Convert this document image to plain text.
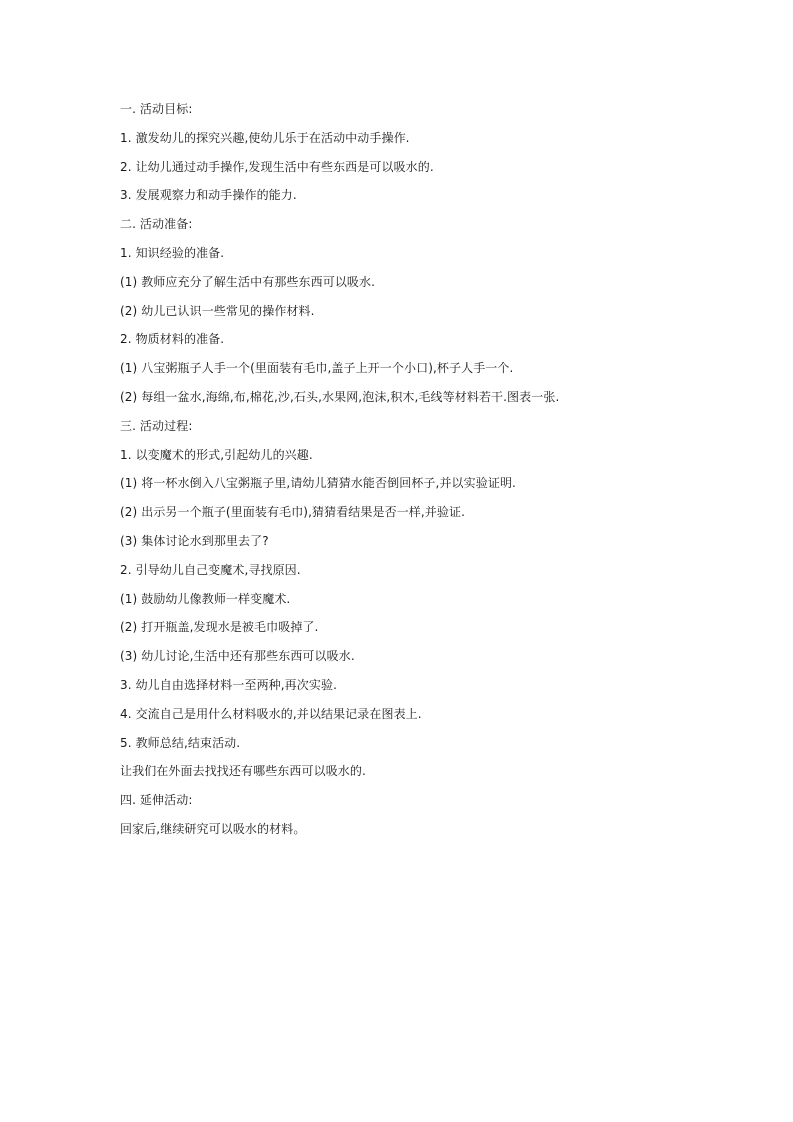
一. 活动目标:
1. 激发幼儿的探究兴趣,使幼儿乐于在活动中动手操作.
2. 让幼儿通过动手操作,发现生活中有些东西是可以吸水的.
3. 发展观察力和动手操作的能力.
二. 活动准备:
1. 知识经验的准备.
(1) 教师应充分了解生活中有那些东西可以吸水.
(2) 幼儿已认识一些常见的操作材料.
2. 物质材料的准备.
(1) 八宝粥瓶子人手一个(里面装有毛巾,盖子上开一个小口),杯子人手一个.
(2) 每组一盆水,海绵,布,棉花,沙,石头,水果网,泡沫,积木,毛线等材料若干.图表一张.
三. 活动过程:
1. 以变魔术的形式,引起幼儿的兴趣.
(1) 将一杯水倒入八宝粥瓶子里,请幼儿猜猜水能否倒回杯子,并以实验证明.
(2) 出示另一个瓶子(里面装有毛巾),猜猜看结果是否一样,并验证.
(3) 集体讨论水到那里去了?
2. 引导幼儿自己变魔术,寻找原因.
(1) 鼓励幼儿像教师一样变魔术.
(2) 打开瓶盖,发现水是被毛巾吸掉了.
(3) 幼儿讨论,生活中还有那些东西可以吸水.
3. 幼儿自由选择材料一至两种,再次实验.
4. 交流自己是用什么材料吸水的,并以结果记录在图表上.
5. 教师总结,结束活动.
让我们在外面去找找还有哪些东西可以吸水的.
四. 延伸活动:
回家后,继续研究可以吸水的材料。
